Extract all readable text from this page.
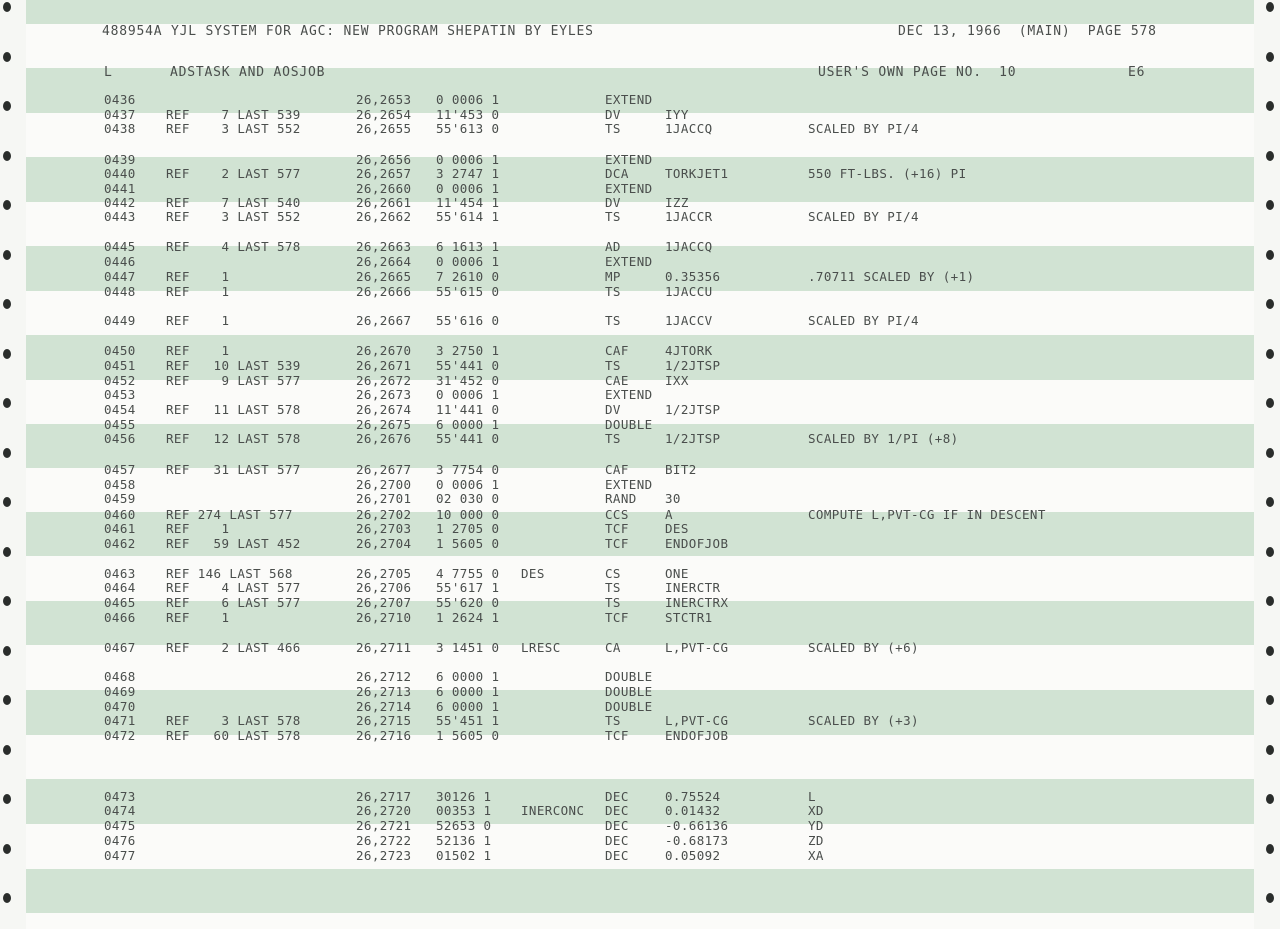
488954A YJL SYSTEM FOR AGC: NEW PROGRAM SHEPATIN BY EYLES	DEC 13, 1966  (MAIN)  PAGE 578
L	ADSTASK AND AOSJOB	USER'S OWN PAGE NO.  10	E6
0436	26,2653 0 0006 1	EXTEND
0437 REF    7 LAST 539	26,2654 11'453 0	DV	IYY
0438 REF    3 LAST 552	26,2655 55'613 0	TS	1JACCQ	SCALED BY PI/4
0439	26,2656 0 0006 1	EXTEND
0440 REF    2 LAST 577	26,2657 3 2747 1	DCA	TORKJET1	550 FT-LBS. (+16) PI
0441	26,2660 0 0006 1	EXTEND
0442 REF    7 LAST 540	26,2661 11'454 1	DV	IZZ
0443 REF    3 LAST 552	26,2662 55'614 1	TS	1JACCR	SCALED BY PI/4
0445 REF    4 LAST 578	26,2663 6 1613 1	AD	1JACCQ
0446	26,2664 0 0006 1	EXTEND
0447 REF    1	26,2665 7 2610 0	MP	0.35356	.70711 SCALED BY (+1)
0448 REF    1	26,2666 55'615 0	TS	1JACCU
0449 REF    1	26,2667 55'616 0	TS	1JACCV	SCALED BY PI/4
0450 REF    1	26,2670 3 2750 1	CAF	4JTORK
0451 REF   10 LAST 539	26,2671 55'441 0	TS	1/2JTSP
0452 REF    9 LAST 577	26,2672 31'452 0	CAE	IXX
0453	26,2673 0 0006 1	EXTEND
0454 REF   11 LAST 578	26,2674 11'441 0	DV	1/2JTSP
0455	26,2675 6 0000 1	DOUBLE
0456 REF   12 LAST 578	26,2676 55'441 0	TS	1/2JTSP	SCALED BY 1/PI (+8)
0457 REF   31 LAST 577	26,2677 3 7754 0	CAF	BIT2
0458	26,2700 0 0006 1	EXTEND
0459	26,2701 02 030 0	RAND 30
0460 REF 274 LAST 577	26,2702 10 000 0	CCS	A	COMPUTE L,PVT-CG IF IN DESCENT
0461 REF    1	26,2703 1 2705 0	TCF	DES
0462 REF   59 LAST 452	26,2704 1 5605 0	TCF	ENDOFJOB
0463 REF 146 LAST 568	26,2705 4 7755 0 DES	CS	ONE
0464 REF    4 LAST 577	26,2706 55'617 1	TS	INERCTR
0465 REF    6 LAST 577	26,2707 55'620 0	TS	INERCTRX
0466 REF    1	26,2710 1 2624 1	TCF	STCTR1
0467 REF    2 LAST 466	26,2711 3 1451 0 LRESC	CA	L,PVT-CG	SCALED BY (+6)
0468	26,2712 6 0000 1	DOUBLE
0469	26,2713 6 0000 1	DOUBLE
0470	26,2714 6 0000 1	DOUBLE
0471 REF    3 LAST 578	26,2715 55'451 1	TS	L,PVT-CG	SCALED BY (+3)
0472 REF   60 LAST 578	26,2716 1 5605 0	TCF	ENDOFJOB
0473	26,2717 30126 1	DEC	0.75524	L
0474	26,2720 00353 1 INERCONC DEC	0.01432	XD
0475	26,2721 52653 0	DEC	-0.66136	YD
0476	26,2722 52136 1	DEC	-0.68173	ZD
0477	26,2723 01502 1	DEC	0.05092	XA
